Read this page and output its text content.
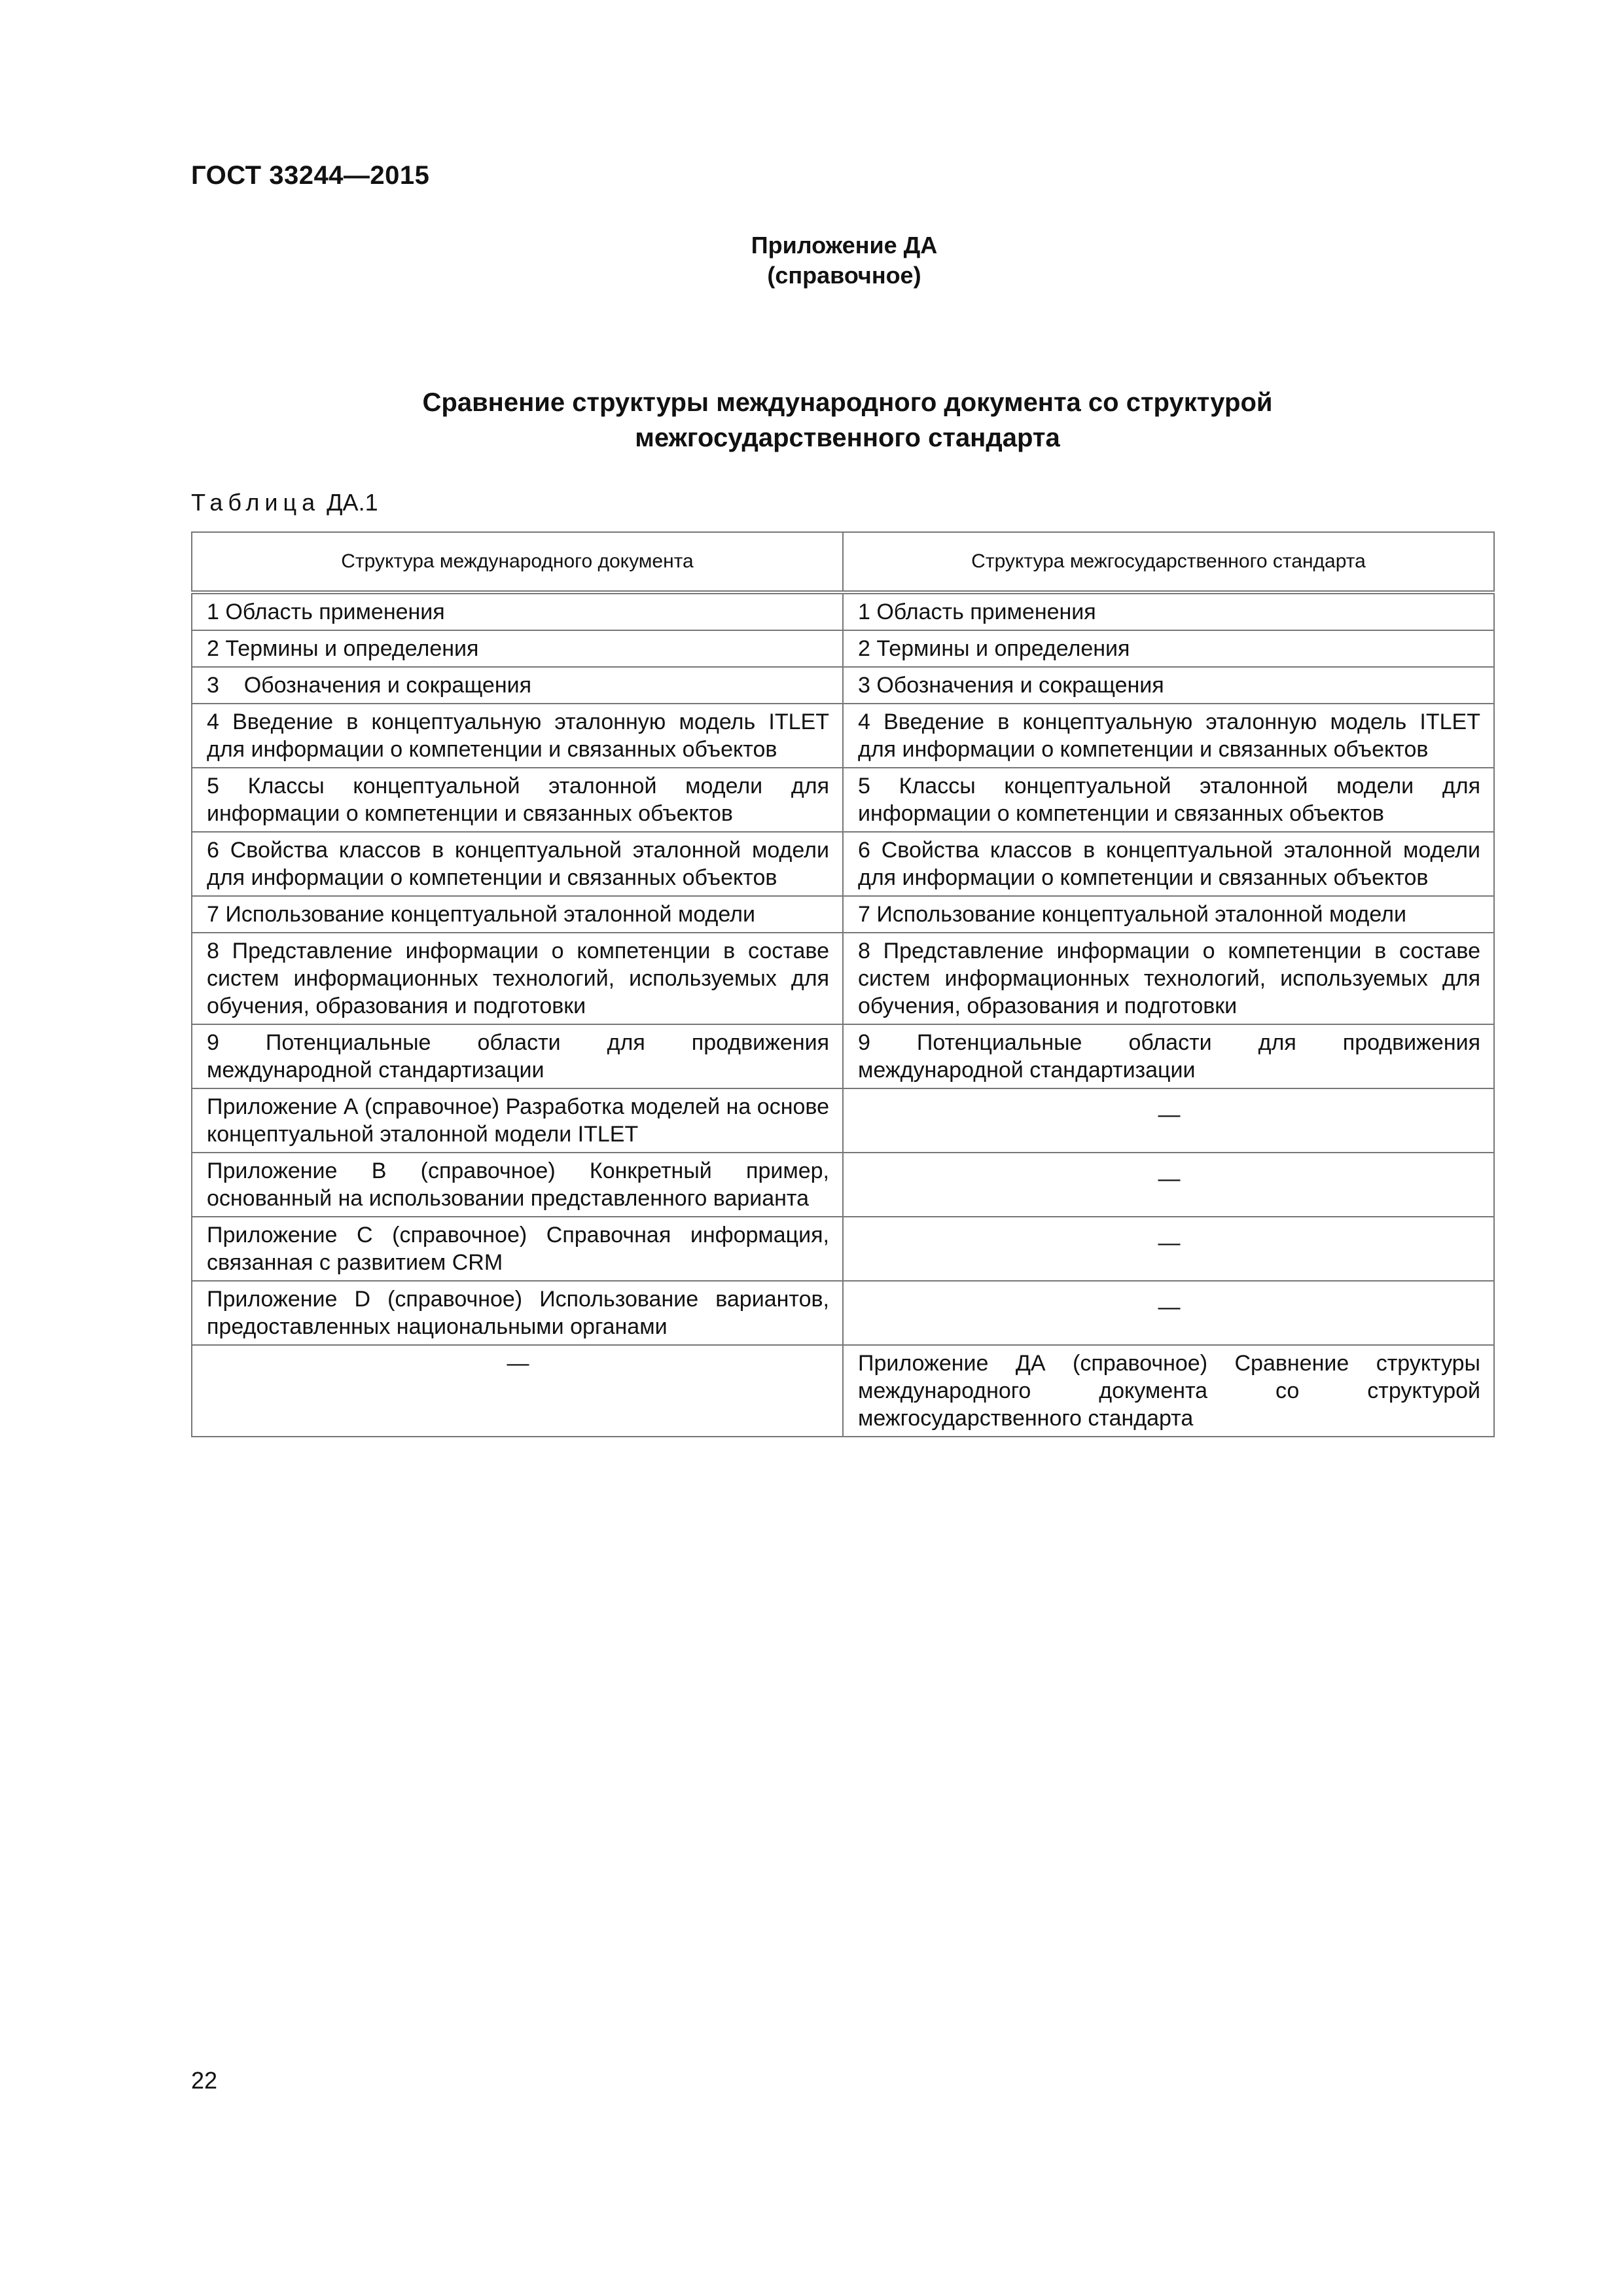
ГОСТ 33244—2015
Приложение ДА
(справочное)
Сравнение структуры международного документа со структурой
межгосударственного стандарта
Таблица ДА.1
Структура международного документа	Структура межгосударственного стандарта
1 Область применения	1 Область применения
2 Термины и определения	2 Термины и определения
3    Обозначения и сокращения	3 Обозначения и сокращения
4 Введение в концептуальную эталонную модель ITLET для информации о компетенции и связанных объектов	4 Введение в концептуальную эталонную модель ITLET для информации о компетенции и связанных объектов
5 Классы концептуальной эталонной модели для информации о компетенции и связанных объектов	5 Классы концептуальной эталонной модели для информации о компетенции и связанных объектов
6 Свойства классов в концептуальной эталонной модели для информации о компетенции и связанных объектов	6 Свойства классов в концептуальной эталонной модели для информации о компетенции и связанных объектов
7 Использование концептуальной эталонной модели	7 Использование концептуальной эталонной модели
8 Представление информации о компетенции в составе систем информационных технологий, используемых для обучения, образования и подготовки	8 Представление информации о компетенции в составе систем информационных технологий, используемых для обучения, образования и подготовки
9 Потенциальные области для продвижения международной стандартизации	9 Потенциальные области для продвижения международной стандартизации
Приложение А (справочное) Разработка моделей на основе концептуальной эталонной модели ITLET	—
Приложение В (справочное) Конкретный пример, основанный на использовании представленного варианта	—
Приложение С (справочное) Справочная информация, связанная с развитием CRM	—
Приложение D (справочное) Использование вариантов, предоставленных национальными органами	—
—	Приложение ДА (справочное) Сравнение структуры международного документа со структурой межгосударственного стандарта
22
